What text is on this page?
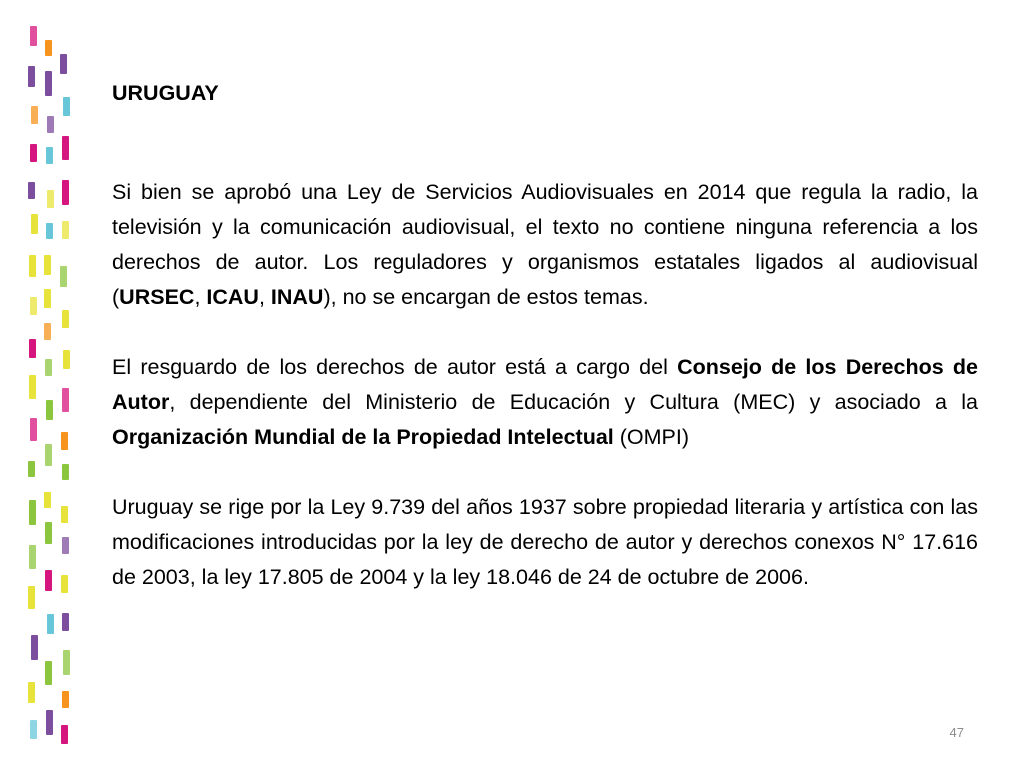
URUGUAY

Si bien se aprobó una Ley de Servicios Audiovisuales en 2014 que regula la radio, la televisión y la comunicación audiovisual, el texto no contiene ninguna referencia a los derechos de autor. Los reguladores y organismos estatales ligados al audiovisual (URSEC, ICAU, INAU), no se encargan de estos temas.

El resguardo de los derechos de autor está a cargo del Consejo de los Derechos de Autor, dependiente del Ministerio de Educación y Cultura (MEC) y asociado a la Organización Mundial de la Propiedad Intelectual (OMPI)

Uruguay se rige por la Ley 9.739 del años 1937 sobre propiedad literaria y artística con las modificaciones introducidas por la ley de derecho de autor y derechos conexos N° 17.616 de 2003, la ley 17.805 de 2004 y la ley 18.046 de 24 de octubre de 2006.

47
